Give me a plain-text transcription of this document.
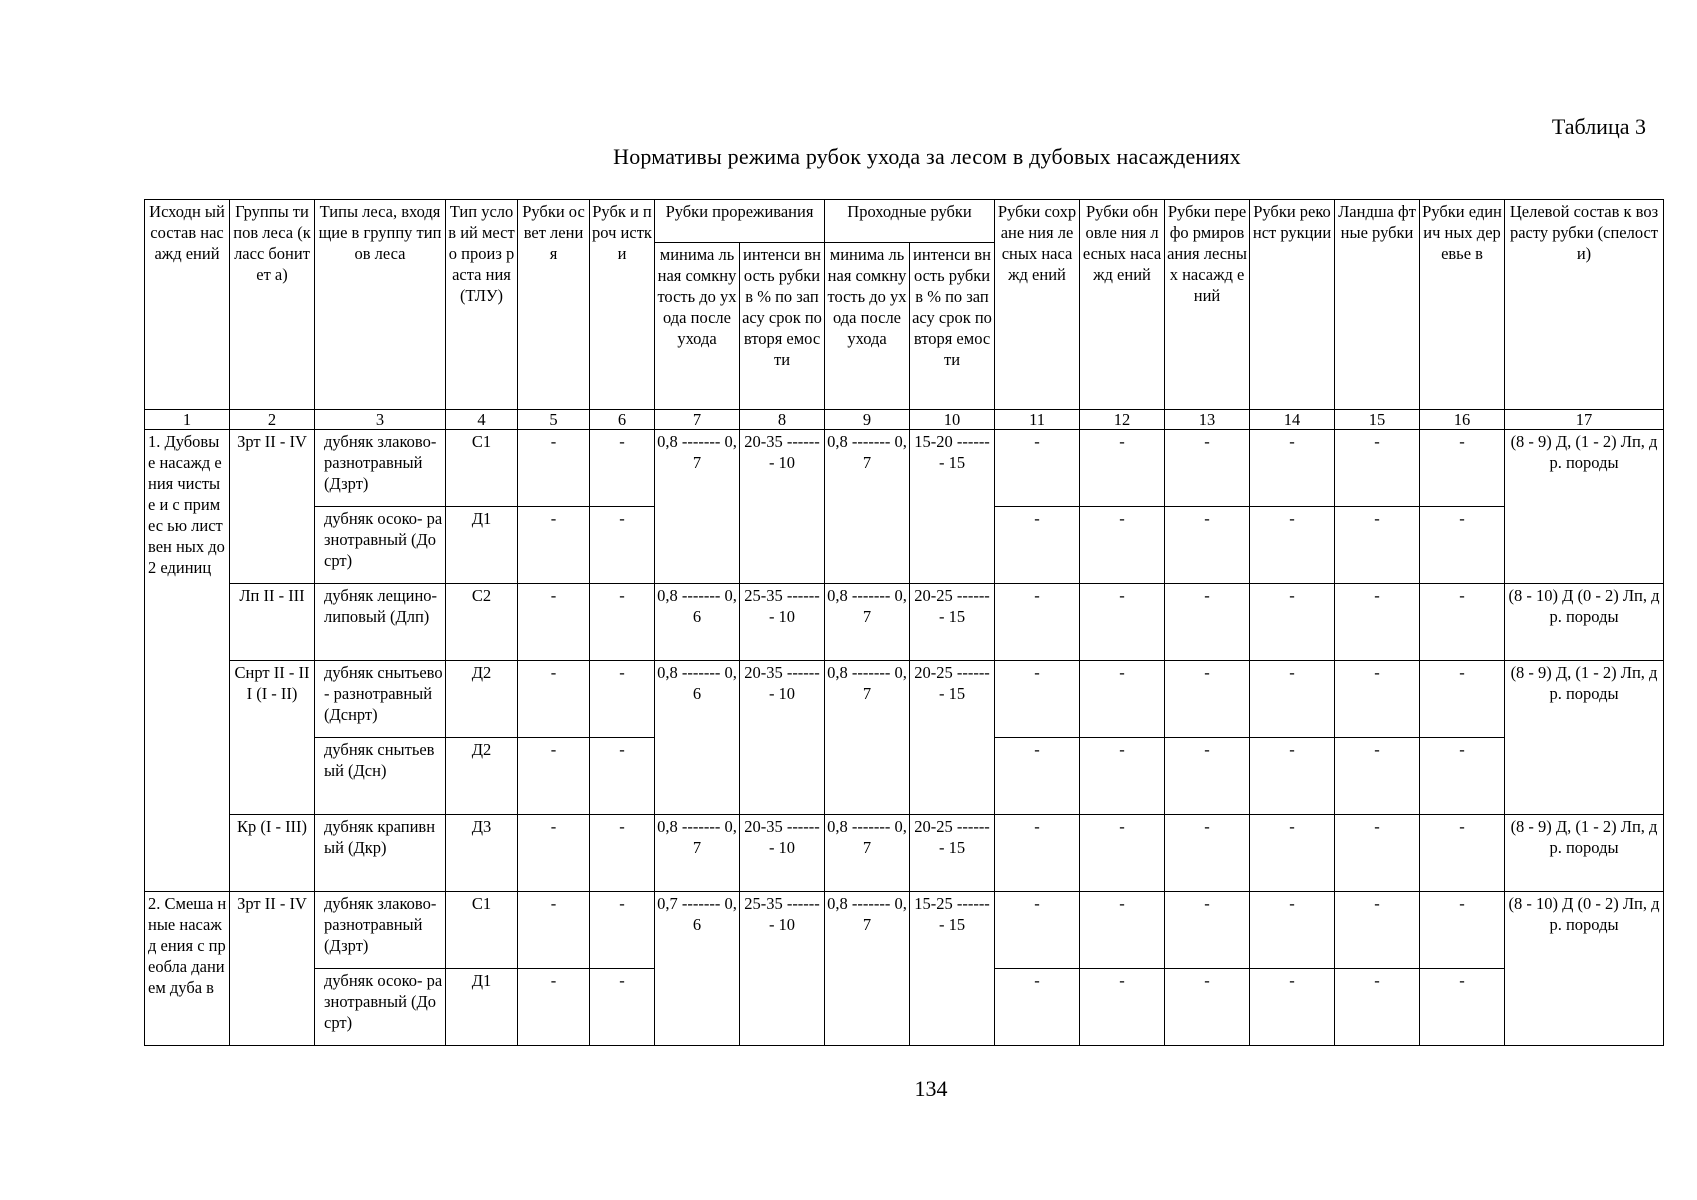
Таблица 3
Нормативы режима рубок ухода за лесом в дубовых насаждениях
Исходн ый состав насажд ений	Группы типов леса (класс бонитет а)	Типы леса, входящие в группу типов леса	Тип услов ий место произ раста ния (ТЛУ)	Рубки освет ления	Рубк и проч истк и	Рубки прореживания		Проходные рубки		Рубки сохране ния лесных насажд ений	Рубки обновле ния лесных насажд ений	Рубки перефо рмиров ания лесных насажд ений	Рубки реконст рукции	Ландша фтные рубки	Рубки единич ных деревье в	Целевой состав к возрасту рубки (спелости)
						минима льная сомкну тость до ухода после ухода	интенси вность рубки в % по запасу срок повторя емости	минима льная сомкну тость до ухода после ухода	интенси вность рубки в % по запасу срок повторя емости							
1	2	3	4	5	6	7	8	9	10	11	12	13	14	15	16	17
1. Дубовы е насажд ения чистые и с примес ью листвен ных до 2 единиц	Зрт II - IV	дубняк злаково- разнотравный (Дзрт)	С1	-	-	0,8 ------- 0,7	20-35 ------- 10	0,8 ------- 0,7	15-20 ------- 15	-	-	-	-	-	-	(8 - 9) Д, (1 - 2) Лп, др. породы
		дубняк осоко- разнотравный (Досрт)	Д1	-	-					-	-	-	-	-	-	
	Лп II - III	дубняк лещино- липовый (Длп)	С2	-	-	0,8 ------- 0,6	25-35 ------- 10	0,8 ------- 0,7	20-25 ------- 15	-	-	-	-	-	-	(8 - 10) Д (0 - 2) Лп, др. породы
	Снрт II - III (I - II)	дубняк снытьево- разнотравный (Дснрт)	Д2	-	-	0,8 ------- 0,6	20-35 ------- 10	0,8 ------- 0,7	20-25 ------- 15	-	-	-	-	-	-	(8 - 9) Д, (1 - 2) Лп, др. породы
		дубняк снытьевый (Дсн)	Д2	-	-					-	-	-	-	-	-	
	Кр (I - III)	дубняк крапивный (Дкр)	Д3	-	-	0,8 ------- 0,7	20-35 ------- 10	0,8 ------- 0,7	20-25 ------- 15	-	-	-	-	-	-	(8 - 9) Д, (1 - 2) Лп, др. породы
2. Смеша нные насажд ения с преобла данием дуба в	Зрт II - IV	дубняк злаково- разнотравный (Дзрт)	С1	-	-	0,7 ------- 0,6	25-35 ------- 10	0,8 ------- 0,7	15-25 ------- 15	-	-	-	-	-	-	(8 - 10) Д (0 - 2) Лп, др. породы
		дубняк осоко- разнотравный (Досрт)	Д1	-	-					-	-	-	-	-	-	
134
